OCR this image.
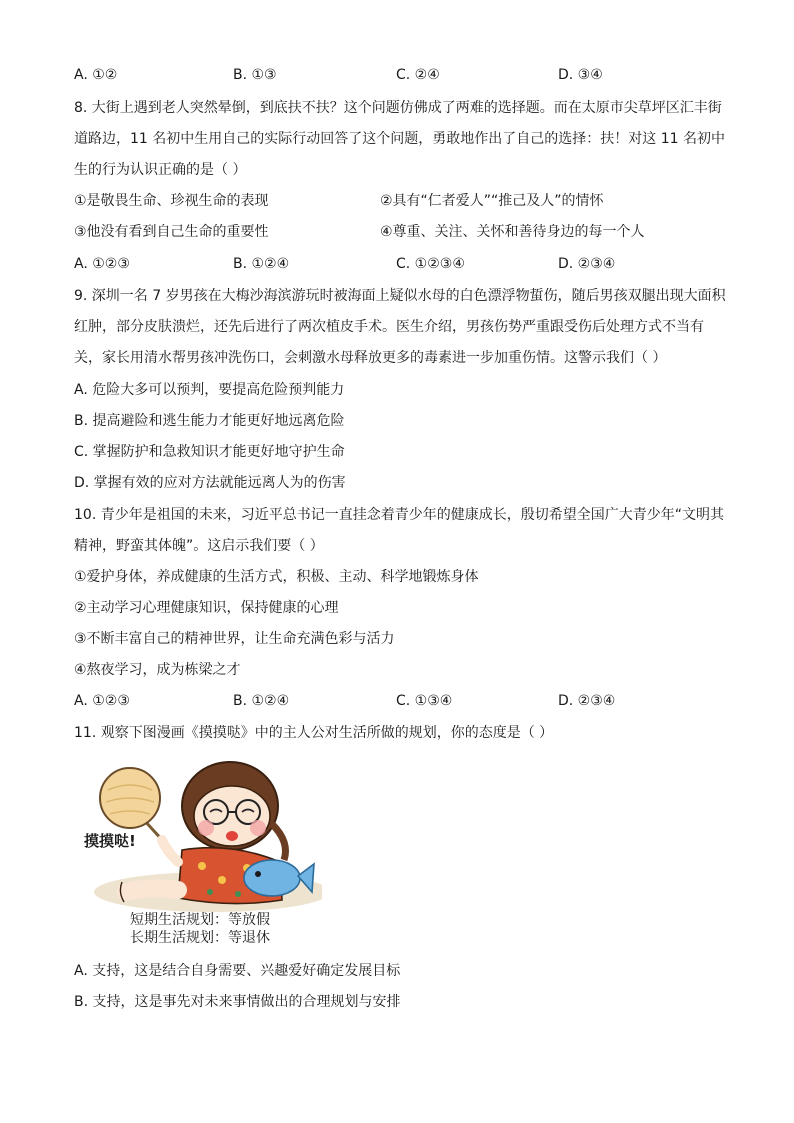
A. ①②	B. ①③	C. ②④	D. ③④
8. 大街上遇到老人突然晕倒，到底扶不扶？这个问题仿佛成了两难的选择题。而在太原市尖草坪区汇丰街
道路边，11 名初中生用自己的实际行动回答了这个问题，勇敢地作出了自己的选择：扶！对这 11 名初中
生的行为认识正确的是（ ）
①是敬畏生命、珍视生命的表现	②具有“仁者爱人”“推己及人”的情怀
③他没有看到自己生命的重要性	④尊重、关注、关怀和善待身边的每一个人
A. ①②③	B. ①②④	C. ①②③④	D. ②③④
9. 深圳一名 7 岁男孩在大梅沙海滨游玩时被海面上疑似水母的白色漂浮物蜇伤，随后男孩双腿出现大面积
红肿，部分皮肤溃烂，还先后进行了两次植皮手术。医生介绍，男孩伤势严重跟受伤后处理方式不当有
关，家长用清水帮男孩冲洗伤口，会刺激水母释放更多的毒素进一步加重伤情。这警示我们（ ）
A. 危险大多可以预判，要提高危险预判能力
B. 提高避险和逃生能力才能更好地远离危险
C. 掌握防护和急救知识才能更好地守护生命
D. 掌握有效的应对方法就能远离人为的伤害
10. 青少年是祖国的未来，习近平总书记一直挂念着青少年的健康成长，殷切希望全国广大青少年“文明其
精神，野蛮其体魄”。这启示我们要（ ）
①爱护身体，养成健康的生活方式，积极、主动、科学地锻炼身体
②主动学习心理健康知识，保持健康的心理
③不断丰富自己的精神世界，让生命充满色彩与活力
④熬夜学习，成为栋梁之才
A. ①②③	B. ①②④	C. ①③④	D. ②③④
11. 观察下图漫画《摸摸哒》中的主人公对生活所做的规划，你的态度是（ ）
摸摸哒!
短期生活规划：等放假
长期生活规划：等退休
A. 支持，这是结合自身需要、兴趣爱好确定发展目标
B. 支持，这是事先对未来事情做出的合理规划与安排
